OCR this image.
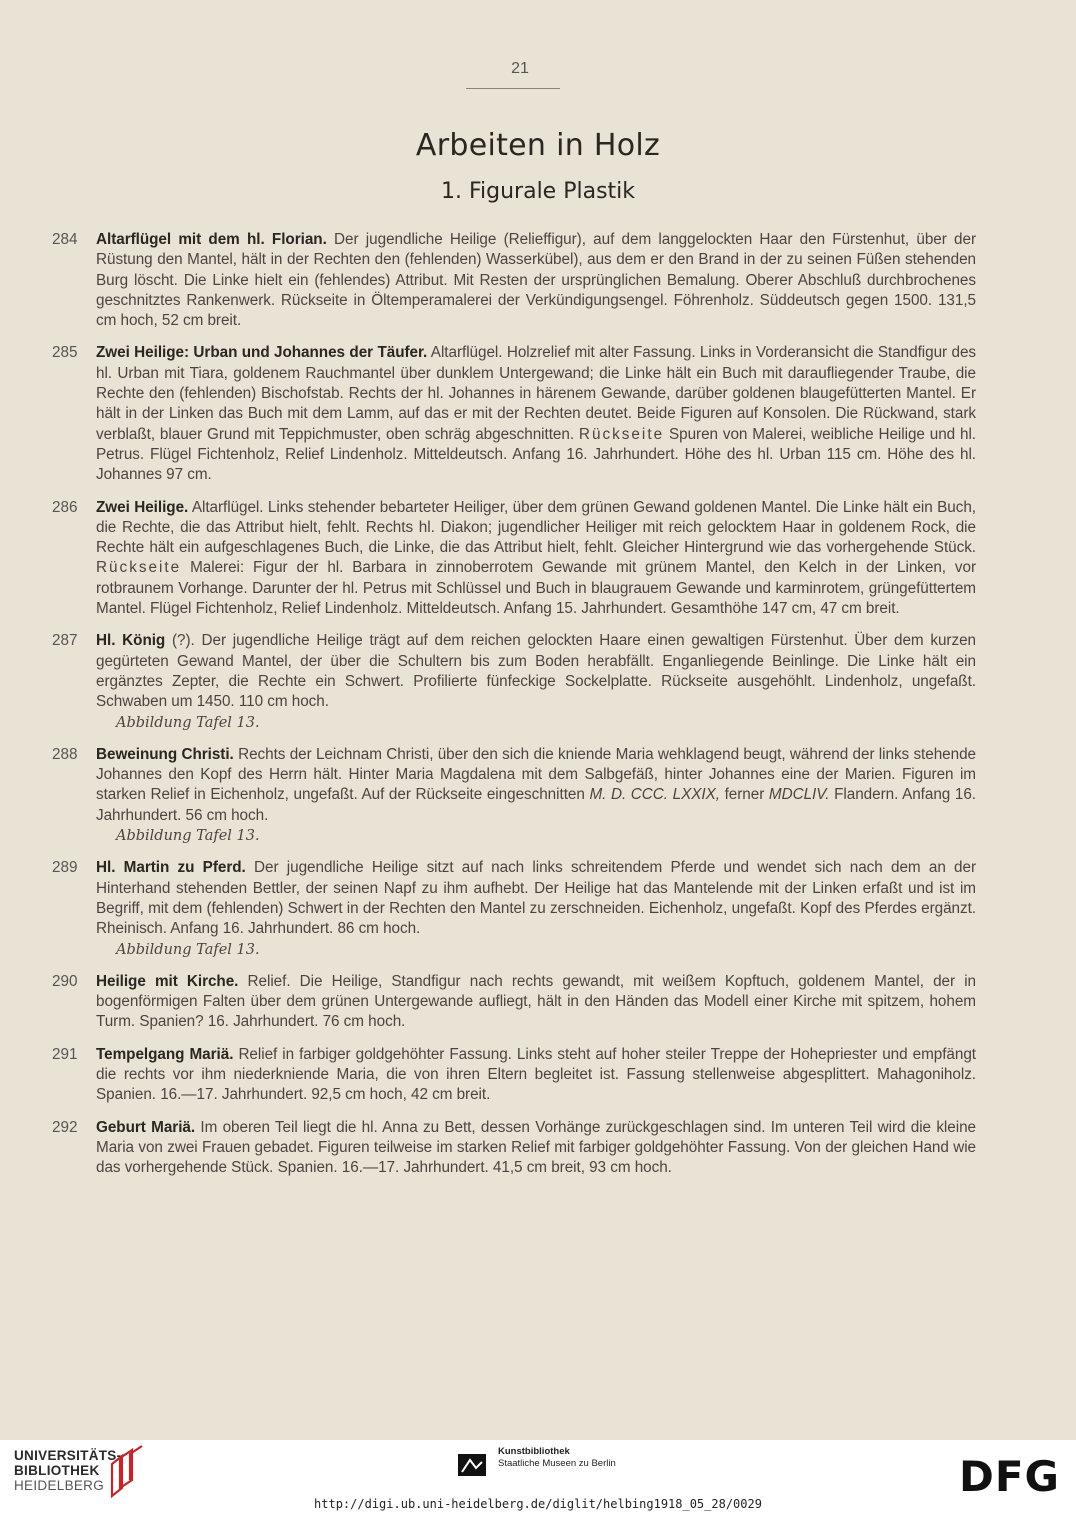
21
Arbeiten in Holz
1. Figurale Plastik
284	Altarflügel mit dem hl. Florian. Der jugendliche Heilige (Relieffigur), auf dem langgelockten Haar den Fürstenhut, über der Rüstung den Mantel, hält in der Rechten den (fehlenden) Wasserkübel), aus dem er den Brand in der zu seinen Füßen stehenden Burg löscht. Die Linke hielt ein (fehlendes) Attribut. Mit Resten der ursprünglichen Bemalung. Oberer Abschluß durchbrochenes geschnitztes Rankenwerk. Rückseite in Öltemperamalerei der Verkündigungsengel. Föhrenholz. Süddeutsch gegen 1500. 131,5 cm hoch, 52 cm breit.

285	Zwei Heilige: Urban und Johannes der Täufer. Altarflügel. Holzrelief mit alter Fassung. Links in Vorderansicht die Standfigur des hl. Urban mit Tiara, goldenem Rauchmantel über dunklem Untergewand; die Linke hält ein Buch mit daraufliegender Traube, die Rechte den (fehlenden) Bischofstab. Rechts der hl. Johannes in härenem Gewande, darüber goldenen blaugefütterten Mantel. Er hält in der Linken das Buch mit dem Lamm, auf das er mit der Rechten deutet. Beide Figuren auf Konsolen. Die Rückwand, stark verblaßt, blauer Grund mit Teppichmuster, oben schräg abgeschnitten. Rückseite Spuren von Malerei, weibliche Heilige und hl. Petrus. Flügel Fichtenholz, Relief Lindenholz. Mitteldeutsch. Anfang 16. Jahrhundert. Höhe des hl. Urban 115 cm. Höhe des hl. Johannes 97 cm.

286	Zwei Heilige. Altarflügel. Links stehender bebarteter Heiliger, über dem grünen Gewand goldenen Mantel. Die Linke hält ein Buch, die Rechte, die das Attribut hielt, fehlt. Rechts hl. Diakon; jugendlicher Heiliger mit reich gelocktem Haar in goldenem Rock, die Rechte hält ein aufgeschlagenes Buch, die Linke, die das Attribut hielt, fehlt. Gleicher Hintergrund wie das vorhergehende Stück. Rückseite Malerei: Figur der hl. Barbara in zinnoberrotem Gewande mit grünem Mantel, den Kelch in der Linken, vor rotbraunem Vorhange. Darunter der hl. Petrus mit Schlüssel und Buch in blaugrauem Gewande und karminrotem, grüngefüttertem Mantel. Flügel Fichtenholz, Relief Lindenholz. Mitteldeutsch. Anfang 15. Jahrhundert. Gesamthöhe 147 cm, 47 cm breit.

287	Hl. König (?). Der jugendliche Heilige trägt auf dem reichen gelockten Haare einen gewaltigen Fürstenhut. Über dem kurzen gegürteten Gewand Mantel, der über die Schultern bis zum Boden herabfällt. Enganliegende Beinlinge. Die Linke hält ein ergänztes Zepter, die Rechte ein Schwert. Profilierte fünfeckige Sockelplatte. Rückseite ausgehöhlt. Lindenholz, ungefaßt. Schwaben um 1450. 110 cm hoch.

Abbildung Tafel 13.
288	Beweinung Christi. Rechts der Leichnam Christi, über den sich die kniende Maria wehklagend beugt, während der links stehende Johannes den Kopf des Herrn hält. Hinter Maria Magdalena mit dem Salbgefäß, hinter Johannes eine der Marien. Figuren im starken Relief in Eichenholz, ungefaßt. Auf der Rückseite eingeschnitten M. D. CCC. LXXIX, ferner MDCLIV. Flandern. Anfang 16. Jahrhundert. 56 cm hoch.

Abbildung Tafel 13.
289	Hl. Martin zu Pferd. Der jugendliche Heilige sitzt auf nach links schreitendem Pferde und wendet sich nach dem an der Hinterhand stehenden Bettler, der seinen Napf zu ihm aufhebt. Der Heilige hat das Mantelende mit der Linken erfaßt und ist im Begriff, mit dem (fehlenden) Schwert in der Rechten den Mantel zu zerschneiden. Eichenholz, ungefaßt. Kopf des Pferdes ergänzt. Rheinisch. Anfang 16. Jahrhundert. 86 cm hoch.

Abbildung Tafel 13.
290	Heilige mit Kirche. Relief. Die Heilige, Standfigur nach rechts gewandt, mit weißem Kopftuch, goldenem Mantel, der in bogenförmigen Falten über dem grünen Untergewande aufliegt, hält in den Händen das Modell einer Kirche mit spitzem, hohem Turm. Spanien? 16. Jahrhundert. 76 cm hoch.

291	Tempelgang Mariä. Relief in farbiger goldgehöhter Fassung. Links steht auf hoher steiler Treppe der Hohepriester und empfängt die rechts vor ihm niederkniende Maria, die von ihren Eltern begleitet ist. Fassung stellenweise abgesplittert. Mahagoniholz. Spanien. 16.—17. Jahrhundert. 92,5 cm hoch, 42 cm breit.

292	Geburt Mariä. Im oberen Teil liegt die hl. Anna zu Bett, dessen Vorhänge zurückgeschlagen sind. Im unteren Teil wird die kleine Maria von zwei Frauen gebadet. Figuren teilweise im starken Relief mit farbiger goldgehöhter Fassung. Von der gleichen Hand wie das vorhergehende Stück. Spanien. 16.—17. Jahrhundert. 41,5 cm breit, 93 cm hoch.

UNIVERSITÄTS-
BIBLIOTHEK
HEIDELBERG
Kunstbibliothek
Staatliche Museen zu Berlin	DFG
http://digi.ub.uni-heidelberg.de/diglit/helbing1918_05_28/0029
